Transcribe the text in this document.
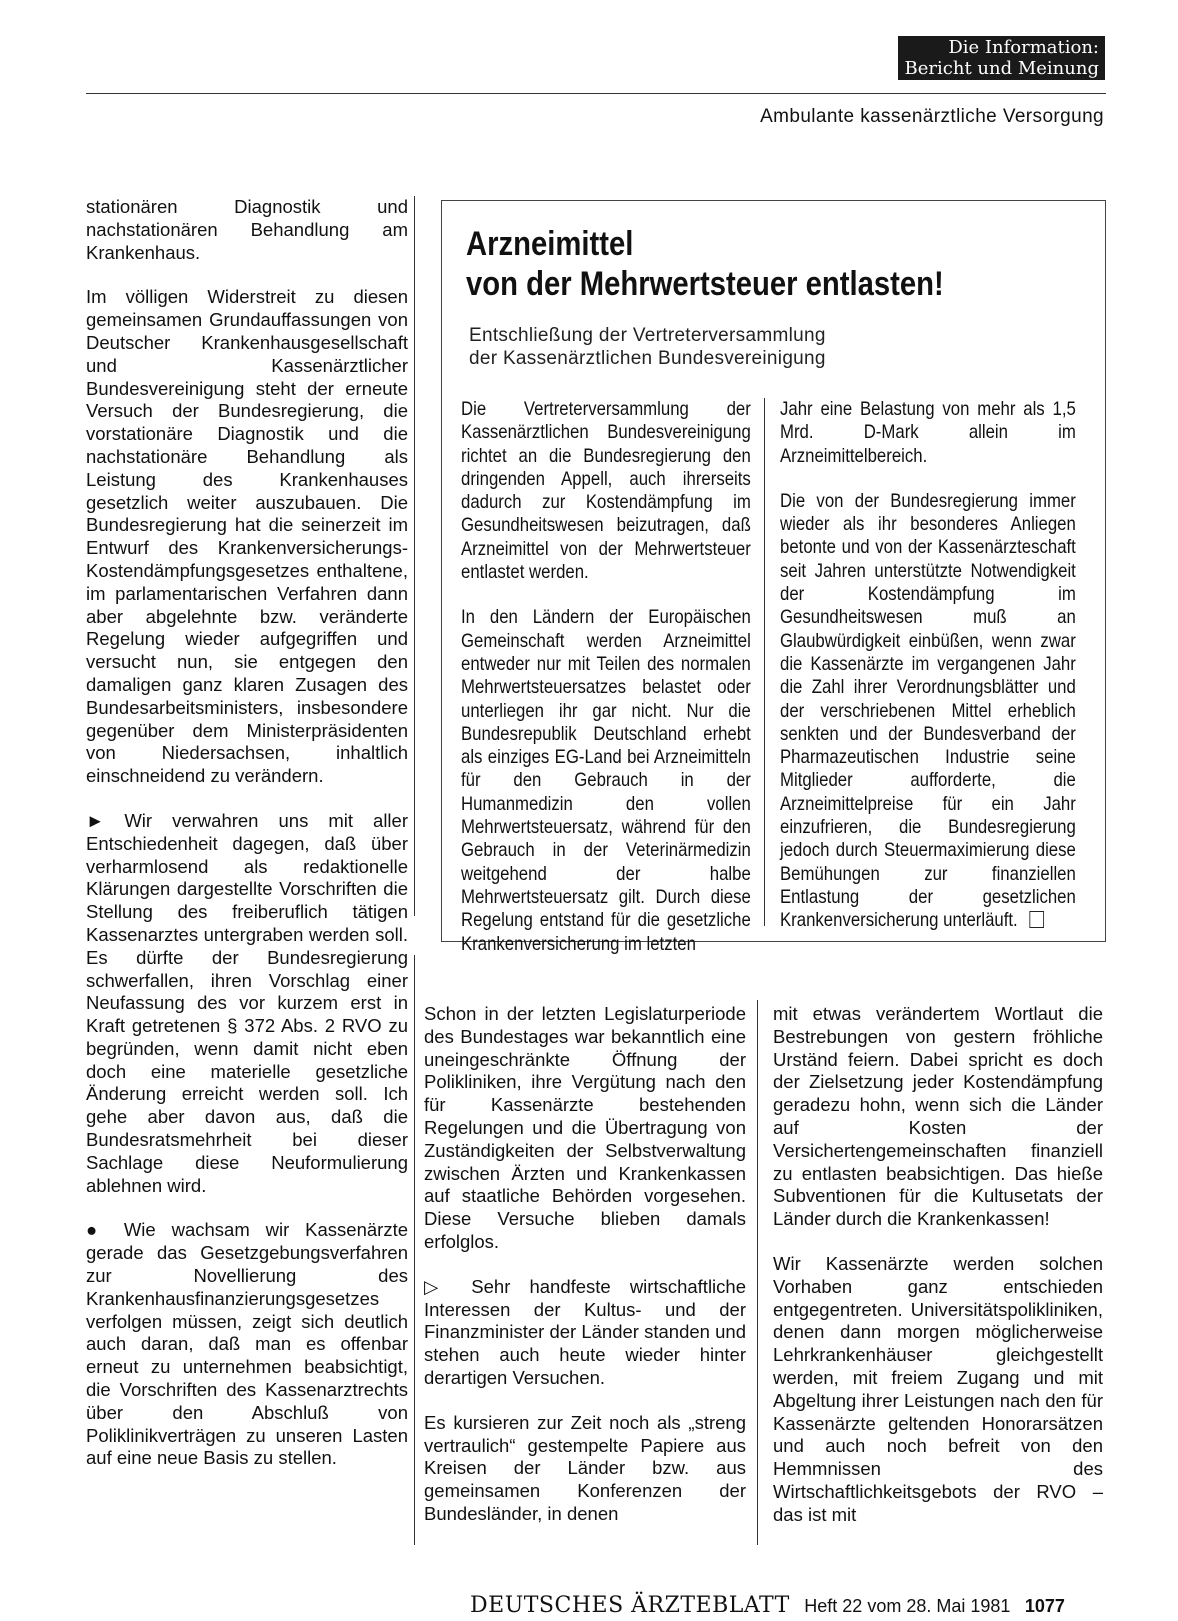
Die Information:
Bericht und Meinung
Ambulante kassenärztliche Versorgung

stationären Diagnostik und nachstationären Behandlung am Krankenhaus.

Im völligen Widerstreit zu diesen gemeinsamen Grundauffassungen von Deutscher Krankenhausgesellschaft und Kassenärztlicher Bundesvereinigung steht der erneute Versuch der Bundesregierung, die vorstationäre Diagnostik und die nachstationäre Behandlung als Leistung des Krankenhauses gesetzlich weiter auszubauen. Die Bundesregierung hat die seinerzeit im Entwurf des Krankenversicherungs-Kostendämpfungsgesetzes enthaltene, im parlamentarischen Verfahren dann aber abgelehnte bzw. veränderte Regelung wieder aufgegriffen und versucht nun, sie entgegen den damaligen ganz klaren Zusagen des Bundesarbeitsministers, insbesondere gegenüber dem Ministerpräsidenten von Niedersachsen, inhaltlich einschneidend zu verändern.

► Wir verwahren uns mit aller Entschiedenheit dagegen, daß über verharmlosend als redaktionelle Klärungen dargestellte Vorschriften die Stellung des freiberuflich tätigen Kassenarztes untergraben werden soll. Es dürfte der Bundesregierung schwerfallen, ihren Vorschlag einer Neufassung des vor kurzem erst in Kraft getretenen § 372 Abs. 2 RVO zu begründen, wenn damit nicht eben doch eine materielle gesetzliche Änderung erreicht werden soll. Ich gehe aber davon aus, daß die Bundesratsmehrheit bei dieser Sachlage diese Neuformulierung ablehnen wird.

● Wie wachsam wir Kassenärzte gerade das Gesetzgebungsverfahren zur Novellierung des Krankenhausfinanzierungsgesetzes verfolgen müssen, zeigt sich deutlich auch daran, daß man es offenbar erneut zu unternehmen beabsichtigt, die Vorschriften des Kassenarztrechts über den Abschluß von Poliklinikverträgen zu unseren Lasten auf eine neue Basis zu stellen.

Arzneimittel
von der Mehrwertsteuer entlasten!
Entschließung der Vertreterversammlung
der Kassenärztlichen Bundesvereinigung

Die Vertreterversammlung der Kassenärztlichen Bundesvereinigung richtet an die Bundesregierung den dringenden Appell, auch ihrerseits dadurch zur Kostendämpfung im Gesundheitswesen beizutragen, daß Arzneimittel von der Mehrwertsteuer entlastet werden.

In den Ländern der Europäischen Gemeinschaft werden Arzneimittel entweder nur mit Teilen des normalen Mehrwertsteuersatzes belastet oder unterliegen ihr gar nicht. Nur die Bundesrepublik Deutschland erhebt als einziges EG-Land bei Arzneimitteln für den Gebrauch in der Humanmedizin den vollen Mehrwertsteuersatz, während für den Gebrauch in der Veterinärmedizin weitgehend der halbe Mehrwertsteuersatz gilt. Durch diese Regelung entstand für die gesetzliche Krankenversicherung im letzten

Jahr eine Belastung von mehr als 1,5 Mrd. D-Mark allein im Arzneimittelbereich.

Die von der Bundesregierung immer wieder als ihr besonderes Anliegen betonte und von der Kassenärzteschaft seit Jahren unterstützte Notwendigkeit der Kostendämpfung im Gesundheitswesen muß an Glaubwürdigkeit einbüßen, wenn zwar die Kassenärzte im vergangenen Jahr die Zahl ihrer Verordnungsblätter und der verschriebenen Mittel erheblich senkten und der Bundesverband der Pharmazeutischen Industrie seine Mitglieder aufforderte, die Arzneimittelpreise für ein Jahr einzufrieren, die Bundesregierung jedoch durch Steuermaximierung diese Bemühungen zur finanziellen Entlastung der gesetzlichen Krankenversicherung unterläuft.

Schon in der letzten Legislaturperiode des Bundestages war bekanntlich eine uneingeschränkte Öffnung der Polikliniken, ihre Vergütung nach den für Kassenärzte bestehenden Regelungen und die Übertragung von Zuständigkeiten der Selbstverwaltung zwischen Ärzten und Krankenkassen auf staatliche Behörden vorgesehen. Diese Versuche blieben damals erfolglos.

▷ Sehr handfeste wirtschaftliche Interessen der Kultus- und der Finanzminister der Länder standen und stehen auch heute wieder hinter derartigen Versuchen.

Es kursieren zur Zeit noch als „streng vertraulich“ gestempelte Papiere aus Kreisen der Länder bzw. aus gemeinsamen Konferenzen der Bundesländer, in denen

mit etwas verändertem Wortlaut die Bestrebungen von gestern fröhliche Urständ feiern. Dabei spricht es doch der Zielsetzung jeder Kostendämpfung geradezu hohn, wenn sich die Länder auf Kosten der Versichertengemeinschaften finanziell zu entlasten beabsichtigen. Das hieße Subventionen für die Kultusetats der Länder durch die Krankenkassen!

Wir Kassenärzte werden solchen Vorhaben ganz entschieden entgegentreten. Universitätspolikliniken, denen dann morgen möglicherweise Lehrkrankenhäuser gleichgestellt werden, mit freiem Zugang und mit Abgeltung ihrer Leistungen nach den für Kassenärzte geltenden Honorarsätzen und auch noch befreit von den Hemmnissen des Wirtschaftlichkeitsgebots der RVO – das ist mit

DEUTSCHES ÄRZTEBLATT Heft 22 vom 28. Mai 1981 1077
